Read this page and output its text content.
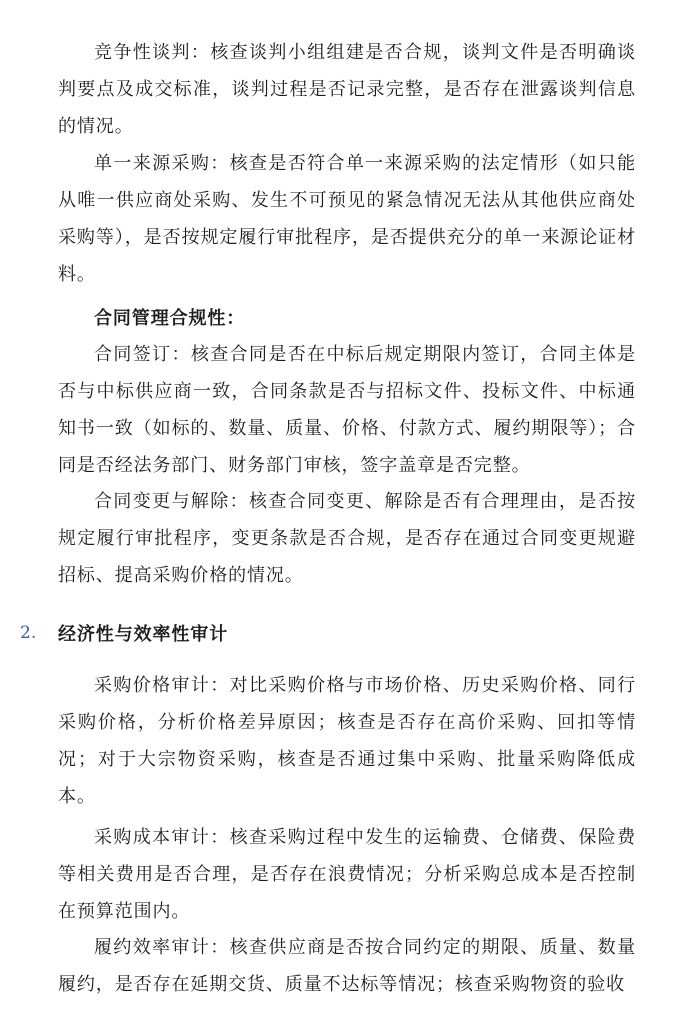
竞争性谈判：核查谈判小组组建是否合规，谈判文件是否明确谈判要点及成交标准，谈判过程是否记录完整，是否存在泄露谈判信息的情况。

单一来源采购：核查是否符合单一来源采购的法定情形（如只能从唯一供应商处采购、发生不可预见的紧急情况无法从其他供应商处采购等），是否按规定履行审批程序，是否提供充分的单一来源论证材料。

合同管理合规性：

合同签订：核查合同是否在中标后规定期限内签订，合同主体是否与中标供应商一致，合同条款是否与招标文件、投标文件、中标通知书一致（如标的、数量、质量、价格、付款方式、履约期限等）；合同是否经法务部门、财务部门审核，签字盖章是否完整。

合同变更与解除：核查合同变更、解除是否有合理理由，是否按规定履行审批程序，变更条款是否合规，是否存在通过合同变更规避招标、提高采购价格的情况。

2.	经济性与效率性审计

采购价格审计：对比采购价格与市场价格、历史采购价格、同行采购价格，分析价格差异原因；核查是否存在高价采购、回扣等情况；对于大宗物资采购，核查是否通过集中采购、批量采购降低成本。

采购成本审计：核查采购过程中发生的运输费、仓储费、保险费等相关费用是否合理，是否存在浪费情况；分析采购总成本是否控制在预算范围内。

履约效率审计：核查供应商是否按合同约定的期限、质量、数量履约，是否存在延期交货、质量不达标等情况；核查采购物资的验收
